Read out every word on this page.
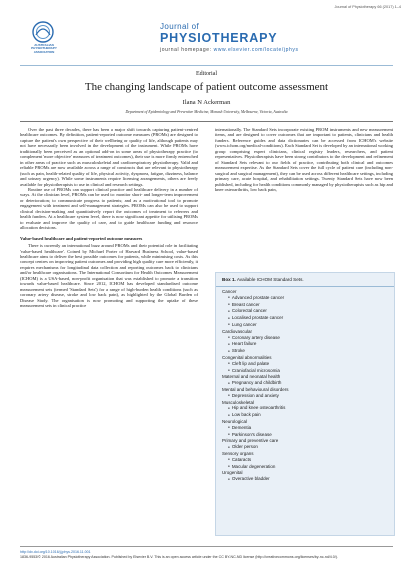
Journal of Physiotherapy 66 (2017) 1–4
AUSTRALIAN PHYSIOTHERAPY ASSOCIATION
Journal of
PHYSIOTHERAPY
journal homepage: www.elsevier.com/locate/jphys
Editorial
The changing landscape of patient outcome assessment
Ilana N Ackerman
Department of Epidemiology and Preventive Medicine, Monash University, Melbourne, Victoria, Australia

Over the past three decades, there has been a major shift towards capturing patient-centred healthcare outcomes. By definition, patient-reported outcome measures (PROMs) are designed to capture the patient's own perspective of their wellbeing or quality of life, although patients may not have necessarily been involved in the development of the instrument. While PROMs have traditionally been perceived as an optional add-on in some areas of physiotherapy practice (to complement 'more objective' measures of treatment outcomes), their use is more firmly entrenched in other areas of practice such as musculoskeletal and cardiorespiratory physiotherapy. Valid and reliable PROMs are now available across a range of constructs that are relevant to physiotherapy (such as pain, health-related quality of life, physical activity, dyspnoea, fatigue, dizziness, balance and urinary urgency). While some instruments require licensing arrangements, others are freely available for physiotherapists to use in clinical and research settings.

Routine use of PROMs can support clinical practice and healthcare delivery in a number of ways. At the clinician level, PROMs can be used to: monitor short- and longer-term improvement or deterioration; to communicate progress to patients; and as a motivational tool to promote engagement with treatment and self-management strategies. PROMs can also be used to support clinical decision-making and quantitatively report the outcomes of treatment to referrers and health funders. At a healthcare system level, there is now significant appetite for utilising PROMs to evaluate and improve the quality of care, and to guide healthcare funding and resource allocation decisions.

Value-based healthcare and patient-reported outcome measures

There is currently an international buzz around PROMs and their potential role in facilitating 'value-based healthcare'. Coined by Michael Porter of Harvard Business School, value-based healthcare aims to deliver the best possible outcomes for patients, while minimising costs. As this concept centres on improving patient outcomes and providing high quality care more efficiently, it requires mechanisms for longitudinal data collection and reporting outcomes back to clinicians and/or healthcare organisations. The International Consortium for Health Outcomes Measurement (ICHOM) is a USA-based, non-profit organisation that was established to promote a transition towards value-based healthcare. Since 2012, ICHOM has developed standardised outcome measurement sets (termed 'Standard Sets') for a range of high-burden health conditions (such as coronary artery disease, stroke and low back pain), as highlighted by the Global Burden of Disease Study. The organisation is now promoting and supporting the uptake of these measurement sets in clinical practice

internationally. The Standard Sets incorporate existing PROM instruments and new measurement items, and are designed to cover outcomes that are important to patients, clinicians and health funders. Reference guides and data dictionaries can be accessed from ICHOM's website (www.ichom.org/medical-conditions). Each Standard Set is developed by an international working group comprising expert clinicians, clinical registry leaders, researchers, and patient representatives. Physiotherapists have been strong contributors to the development and refinement of Standard Sets relevant to our fields of practice, contributing both clinical and outcomes measurement expertise. As the Standard Sets cover the full cycle of patient care (including non-surgical and surgical management), they can be used across different healthcare settings, including primary care, acute hospital, and rehabilitation settings. Twenty Standard Sets have now been published, including for health conditions commonly managed by physiotherapists such as hip and knee osteoarthritis, low back pain,

Box 1. Available ICHOM Standard Sets.
Cancer
● Advanced prostate cancer
● Breast cancer
● Colorectal cancer
● Localised prostate cancer
● Lung cancer
Cardiovascular
● Coronary artery disease
● Heart failure
● Stroke
Congenital abnormalities
● Cleft lip and palate
● Craniofacial microsomia
Maternal and neonatal health
● Pregnancy and childbirth
Mental and behavioural disorders
● Depression and anxiety
Musculoskeletal
● Hip and knee osteoarthritis
● Low back pain
Neurological
● Dementia
● Parkinson's disease
Primary and preventive care
● Older person
Sensory organs
● Cataracts
● Macular degeneration
Urogenital
● Overactive bladder
http://dx.doi.org/10.1016/j.jphys.2016.11.001
1836-9553/© 2016 Australian Physiotherapy Association. Published by Elsevier B.V. This is an open access article under the CC BY-NC-ND license (http://creativecommons.org/licenses/by-nc-nd/4.0/).
